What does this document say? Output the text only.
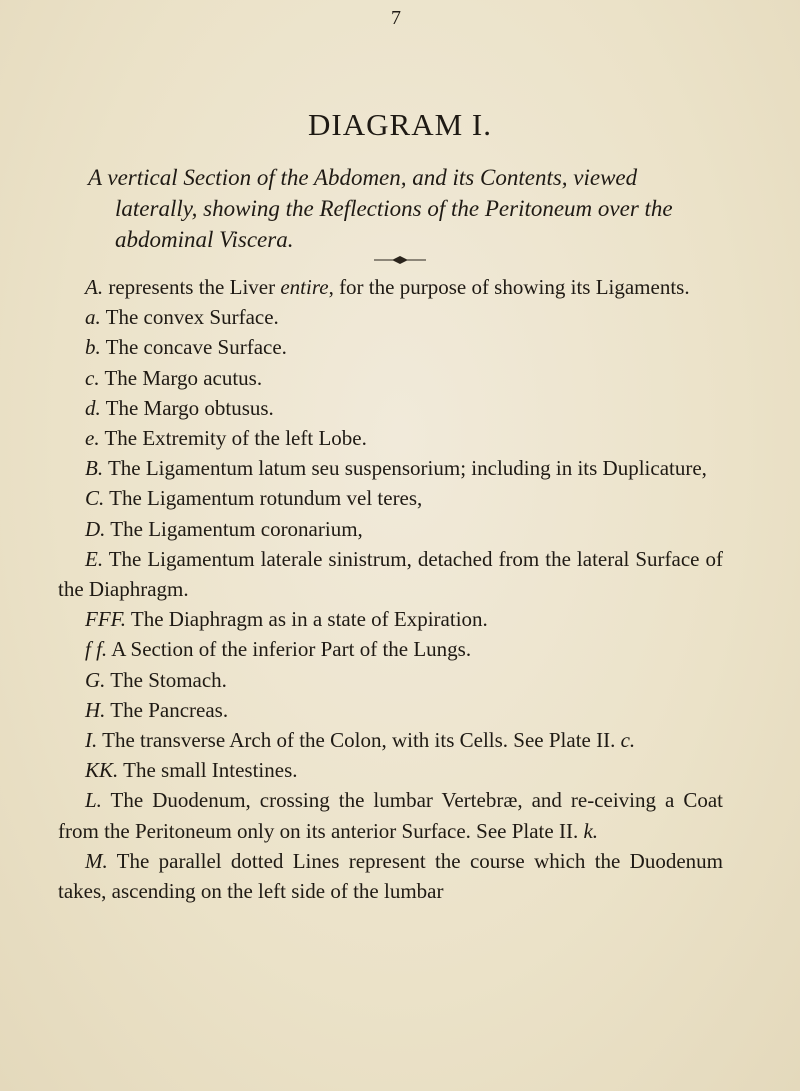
7
DIAGRAM I.
A vertical Section of the Abdomen, and its Contents, viewed laterally, showing the Reflections of the Peritoneum over the abdominal Viscera.

A. represents the Liver entire, for the purpose of showing its Ligaments.

a. The convex Surface.

b. The concave Surface.

c. The Margo acutus.

d. The Margo obtusus.

e. The Extremity of the left Lobe.

B. The Ligamentum latum seu suspensorium; including in its Duplicature,

C. The Ligamentum rotundum vel teres,

D. The Ligamentum coronarium,

E. The Ligamentum laterale sinistrum, detached from the lateral Surface of the Diaphragm.

FFF. The Diaphragm as in a state of Expiration.

f f. A Section of the inferior Part of the Lungs.

G. The Stomach.

H. The Pancreas.

I. The transverse Arch of the Colon, with its Cells. See Plate II. c.

KK. The small Intestines.

L. The Duodenum, crossing the lumbar Vertebræ, and re-ceiving a Coat from the Peritoneum only on its anterior Surface. See Plate II. k.

M. The parallel dotted Lines represent the course which the Duodenum takes, ascending on the left side of the lumbar
